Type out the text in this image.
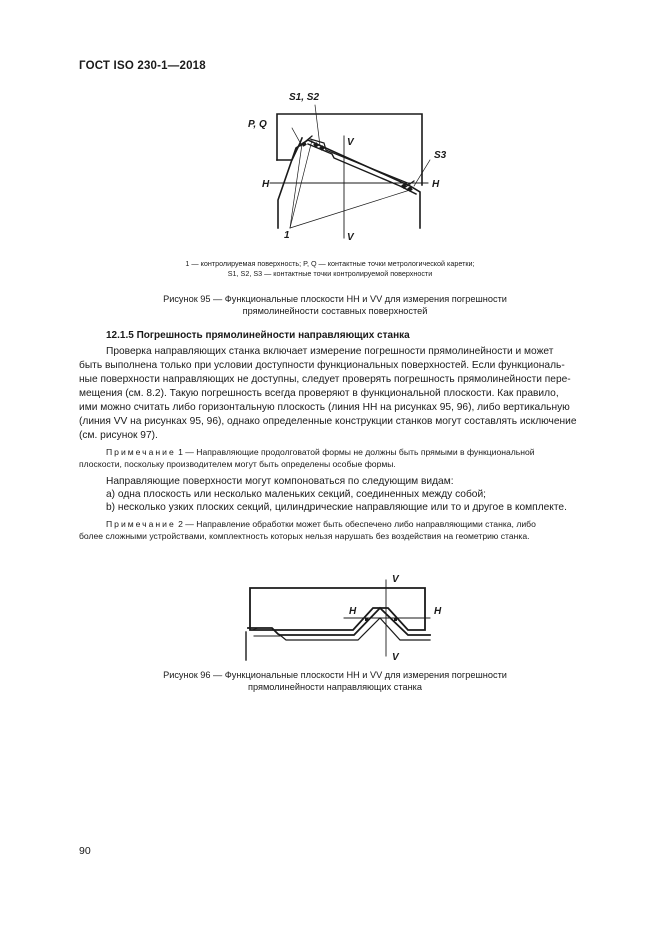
ГОСТ ISO 230-1—2018
S1, S2
P, Q
S3
V
V
H	H
1
1 — контролируемая поверхность; P, Q — контактные точки метрологической каретки;
S1, S2, S3 — контактные точки контролируемой поверхности
Рисунок 95 — Функциональные плоскости HH и VV для измерения погрешности
прямолинейности составных поверхностей
12.1.5 Погрешность прямолинейности направляющих станка
Проверка направляющих станка включает измерение погрешности прямолинейности и может
быть выполнена только при условии доступности функциональных поверхностей. Если функциональ-
ные поверхности направляющих не доступны, следует проверять погрешность прямолинейности пере-
мещения (см. 8.2). Такую погрешность всегда проверяют в функциональной плоскости. Как правило,
ими можно считать либо горизонтальную плоскость (линия HH на рисунках 95, 96), либо вертикальную
(линия VV на рисунках 95, 96), однако определенные конструкции станков могут составлять исключение
(см. рисунок 97).
Примечание 1 — Направляющие продолговатой формы не должны быть прямыми в функциональной
плоскости, поскольку производителем могут быть определены особые формы.
Направляющие поверхности могут компоноваться по следующим видам:
a) одна плоскость или несколько маленьких секций, соединенных между собой;
b) несколько узких плоских секций, цилиндрические направляющие или то и другое в комплекте.
Примечание 2 — Направление обработки может быть обеспечено либо направляющими станка, либо
более сложными устройствами, комплектность которых нельзя нарушать без воздействия на геометрию станка.
V
V
H	H
Рисунок 96 — Функциональные плоскости HH и VV для измерения погрешности
прямолинейности направляющих станка
90
